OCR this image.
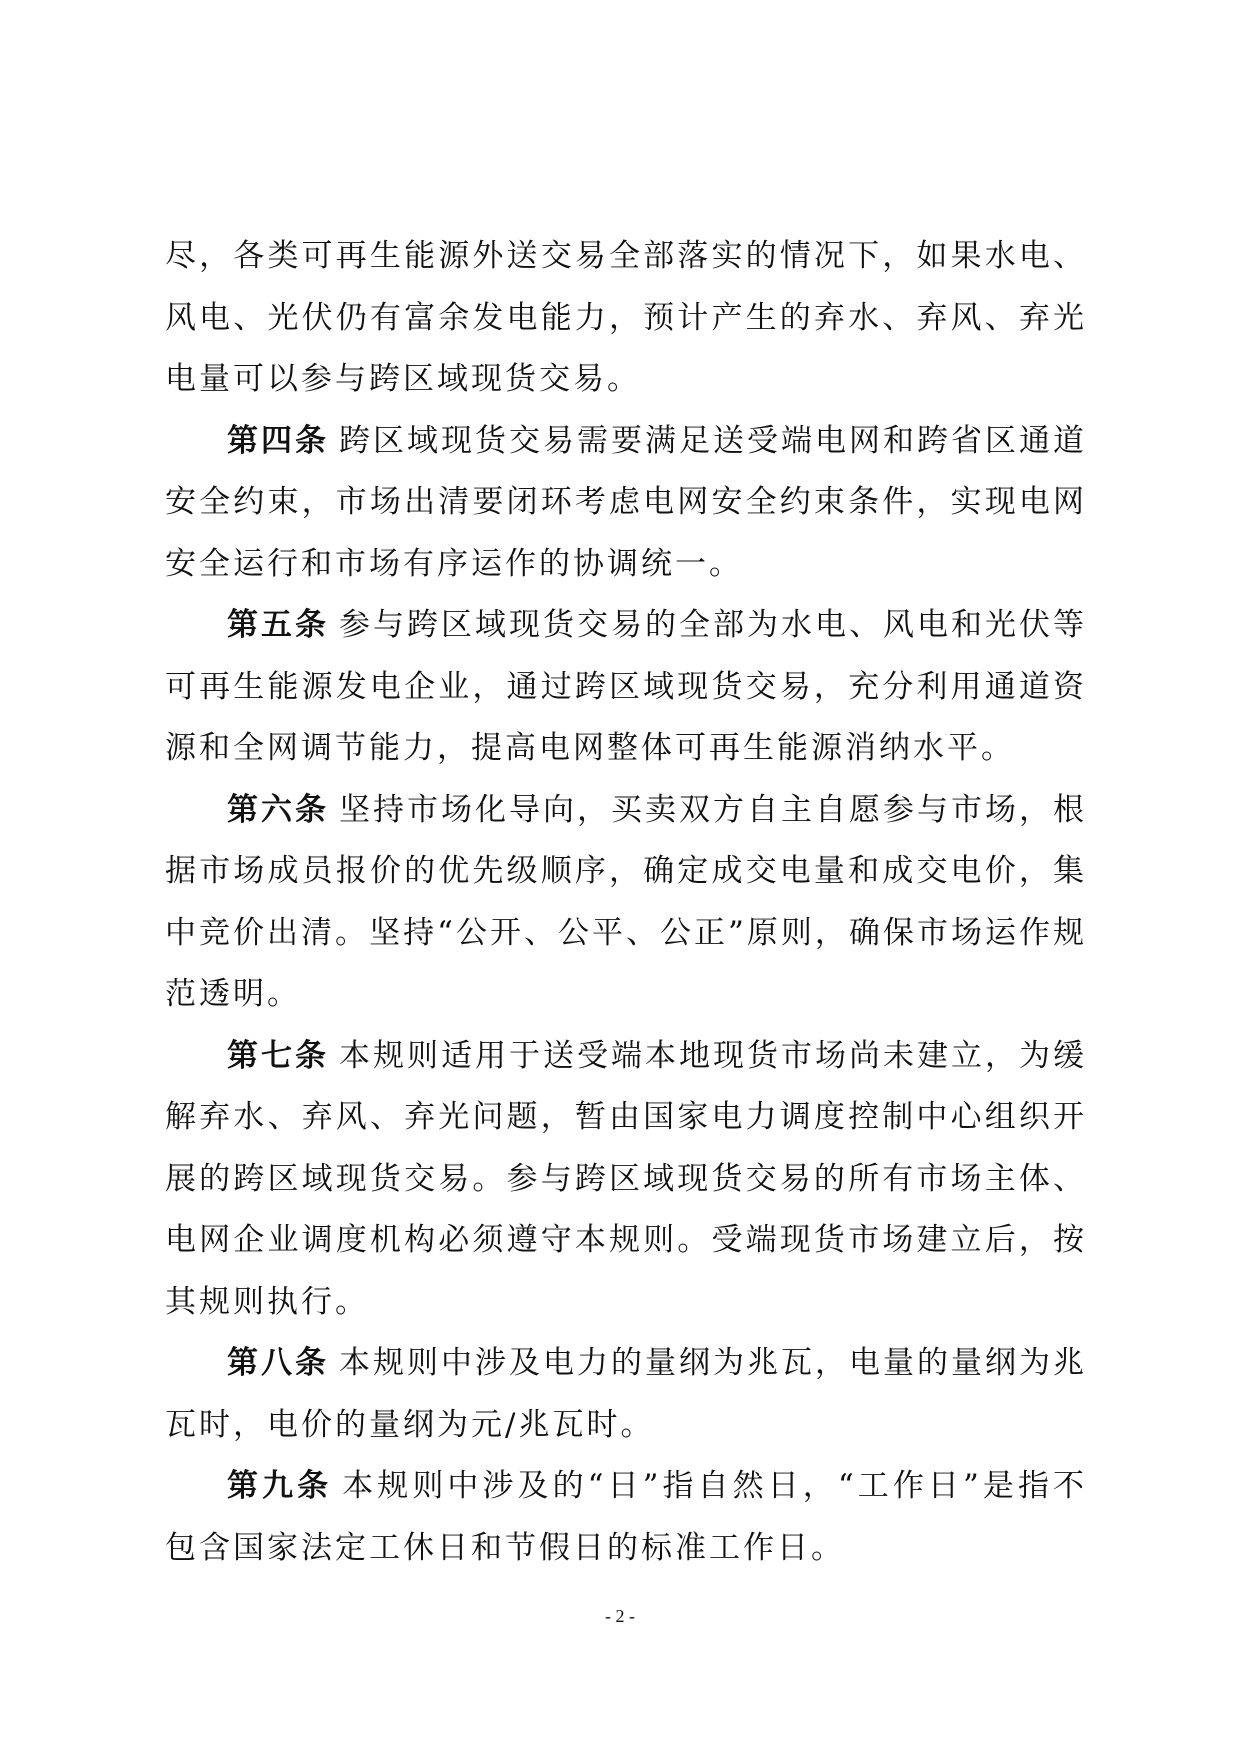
尽，各类可再生能源外送交易全部落实的情况下，如果水电、风电、光伏仍有富余发电能力，预计产生的弃水、弃风、弃光电量可以参与跨区域现货交易。

第四条 跨区域现货交易需要满足送受端电网和跨省区通道安全约束，市场出清要闭环考虑电网安全约束条件，实现电网安全运行和市场有序运作的协调统一。

第五条 参与跨区域现货交易的全部为水电、风电和光伏等可再生能源发电企业，通过跨区域现货交易，充分利用通道资源和全网调节能力，提高电网整体可再生能源消纳水平。

第六条 坚持市场化导向，买卖双方自主自愿参与市场，根据市场成员报价的优先级顺序，确定成交电量和成交电价，集中竞价出清。坚持“公开、公平、公正”原则，确保市场运作规范透明。

第七条 本规则适用于送受端本地现货市场尚未建立，为缓解弃水、弃风、弃光问题，暂由国家电力调度控制中心组织开展的跨区域现货交易。参与跨区域现货交易的所有市场主体、电网企业调度机构必须遵守本规则。受端现货市场建立后，按其规则执行。

第八条 本规则中涉及电力的量纲为兆瓦，电量的量纲为兆瓦时，电价的量纲为元/兆瓦时。

第九条 本规则中涉及的“日”指自然日，“工作日”是指不包含国家法定工休日和节假日的标准工作日。

- 2 -
